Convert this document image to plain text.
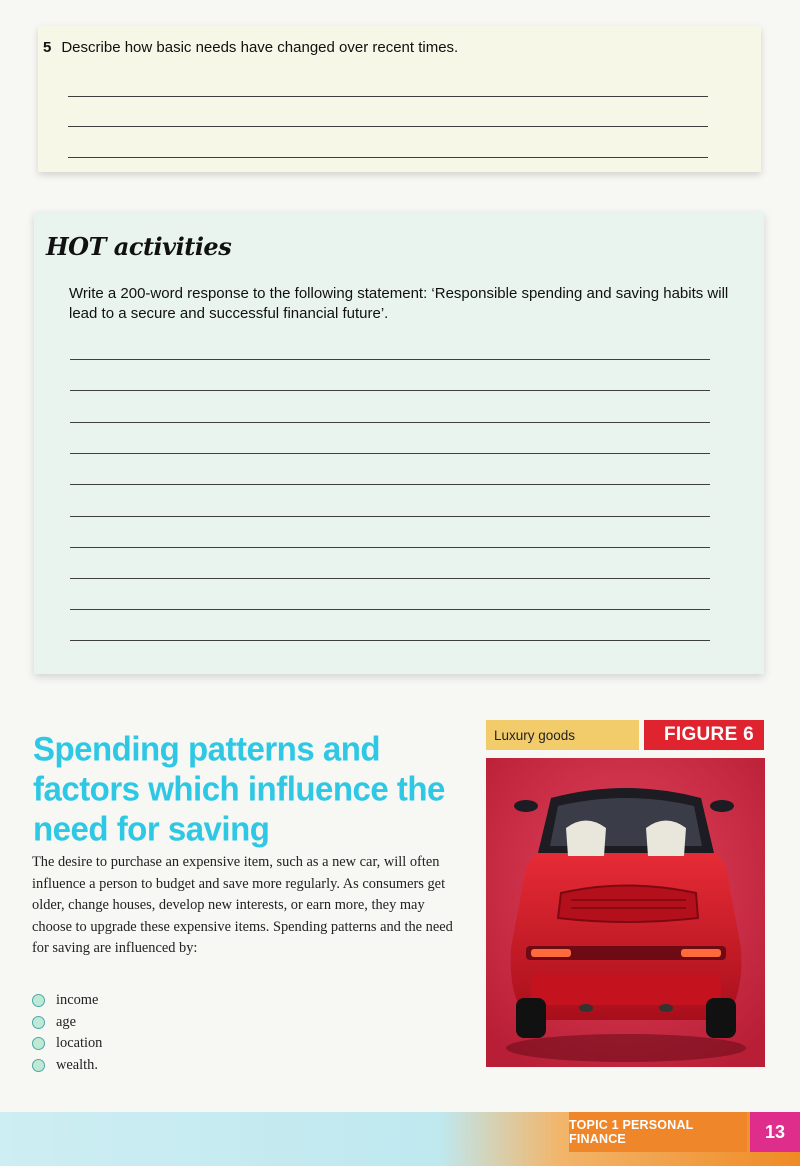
5 Describe how basic needs have changed over recent times.
HOT activities
Write a 200-word response to the following statement: ‘Responsible spending and saving habits will lead to a secure and successful financial future’.
Spending patterns and factors which influence the need for saving
The desire to purchase an expensive item, such as a new car, will often influence a person to budget and save more regularly. As consumers get older, change houses, develop new interests, or earn more, they may choose to upgrade these expensive items. Spending patterns and the need for saving are influenced by:
income
age
location
wealth.
Luxury goods	FIGURE 6
TOPIC 1 PERSONAL FINANCE	13
